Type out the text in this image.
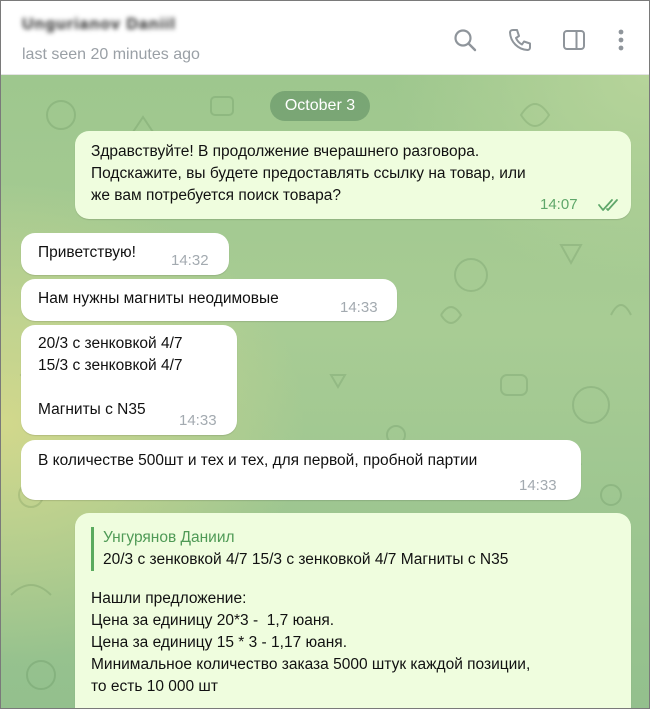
Ungurianov Daniil
last seen 20 minutes ago
October 3
Здравствуйте! В продолжение вчерашнего разговора.
Подскажите, вы будете предоставлять ссылку на товар, или
же вам потребуется поиск товара?
14:07
Приветствую! 14:32
Нам нужны магниты неодимовые
14:33
20/3 с зенковкой 4/7
15/3 с зенковкой 4/7
Магниты с N35
14:33
В количестве 500шт и тех и тех, для первой, пробной партии
14:33
Унгурянов Даниил
20/3 с зенковкой 4/7 15/3 с зенковкой 4/7 Магниты с N35
Нашли предложение:
Цена за единицу 20*3 -  1,7 юаня.
Цена за единицу 15 * 3 - 1,17 юаня.
Минимальное количество заказа 5000 штук каждой позиции,
то есть 10 000 шт
